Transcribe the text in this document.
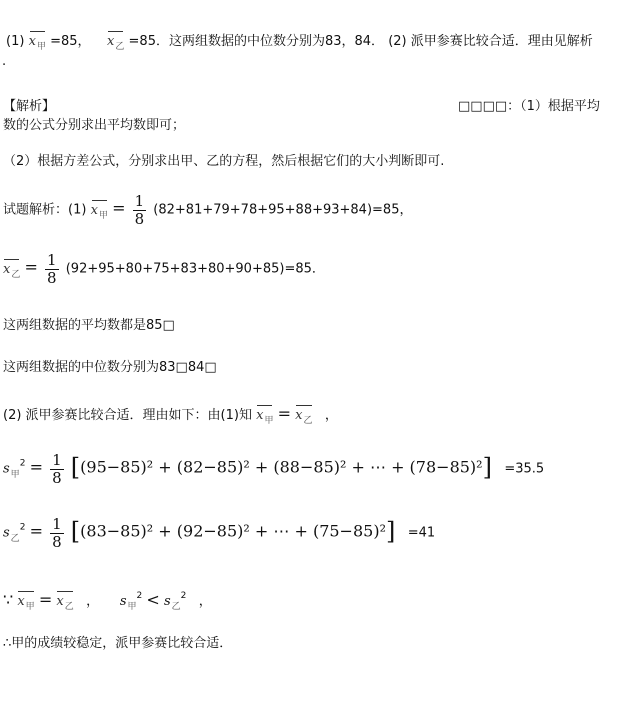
(1) $x_甲 =85$， $x_乙 =85$．这两组数据的中位数分别为83，84． (2) 派甲参赛比较合适．理由见解析
.
【解析】	□□□□：（1）根据平均
数的公式分别求出平均数即可；
（2）根据方差公式，分别求出甲、乙的方程，然后根据它们的大小判断即可.
试题解析：(1) $x_甲 = \frac{1}{8} (82+81+79+78+95+88+93+84)=85$，
$x_乙 = \frac{1}{8} (92+95+80+75+83+80+90+85)=85$．
这两组数据的平均数都是85□
这两组数据的中位数分别为83□84□
(2) 派甲参赛比较合适．理由如下：由(1)知 $x_甲 = x_乙$ ，
$s_甲^2 = \frac{1}{8} [(95-85)^2 + (82-85)^2 + (88-85)^2$ + ⋯ + (78−85)²] =35.5
$s_乙^2 = \frac{1}{8} [(83-85)^2 + (92-85)^2$ + ⋯ + (75−85)²] =41
∵ $x_甲 = x_乙$ ， $s_甲^2 < s_乙^2$ ，
∴甲的成绩较稳定，派甲参赛比较合适．
